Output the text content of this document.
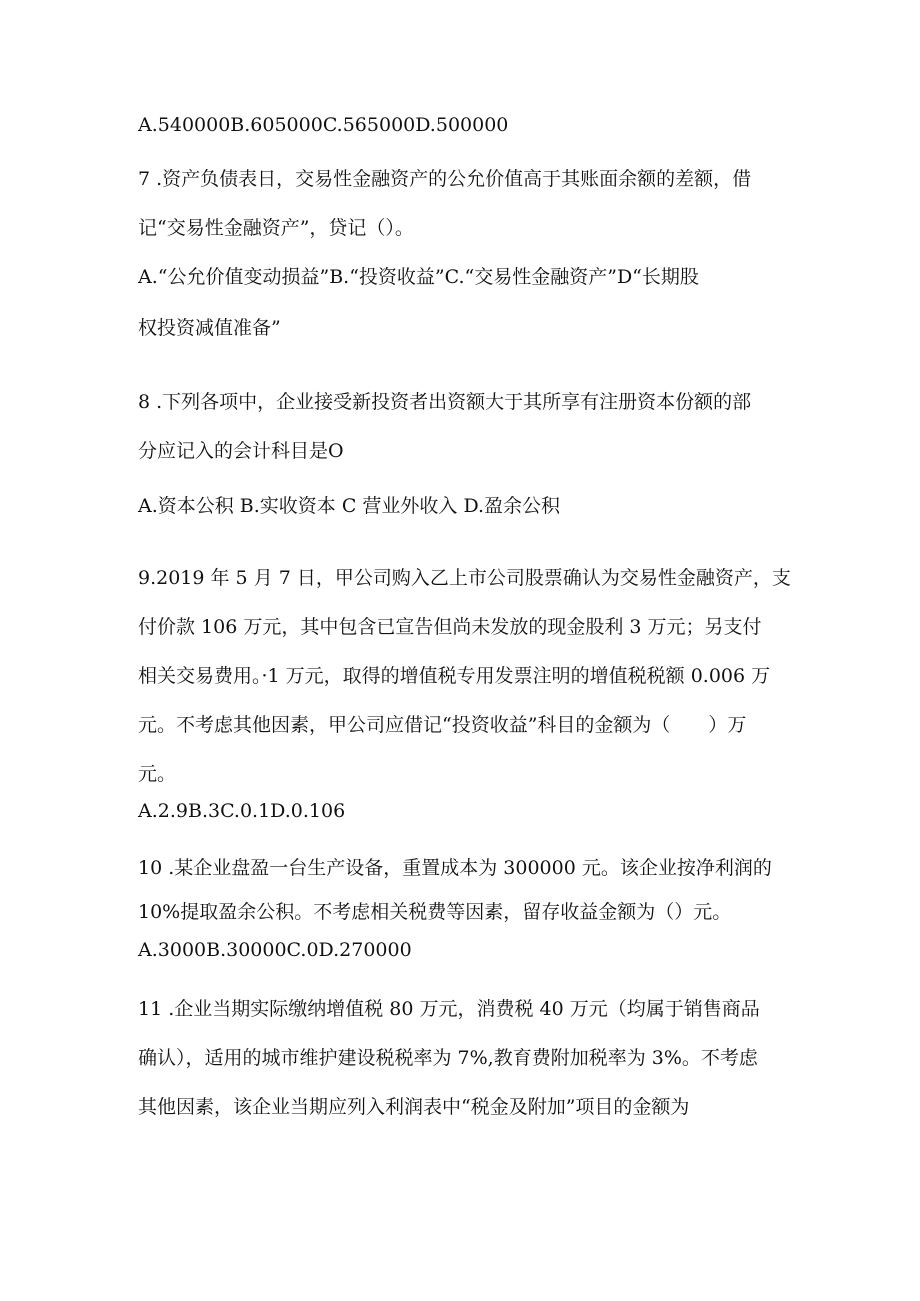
A.540000B.605000C.565000D.500000

7 .资产负债表日，交易性金融资产的公允价值高于其账面余额的差额，借

记“交易性金融资产”，贷记（）。

A.“公允价值变动损益”B.“投资收益”C.“交易性金融资产”D“长期股

权投资减值准备”

8 .下列各项中，企业接受新投资者出资额大于其所享有注册资本份额的部

分应记入的会计科目是O

A.资本公积 B.实收资本 C 营业外收入 D.盈余公积

9.2019 年 5 月 7 日，甲公司购入乙上市公司股票确认为交易性金融资产，支

付价款 106 万元，其中包含已宣告但尚未发放的现金股利 3 万元；另支付

相关交易费用。·1 万元，取得的增值税专用发票注明的增值税税额 0.006 万

元。不考虑其他因素，甲公司应借记“投资收益”科目的金额为（　　）万

元。

A.2.9B.3C.0.1D.0.106

10 .某企业盘盈一台生产设备，重置成本为 300000 元。该企业按净利润的

10%提取盈余公积。不考虑相关税费等因素，留存收益金额为（）元。

A.3000B.30000C.0D.270000

11 .企业当期实际缴纳增值税 80 万元，消费税 40 万元（均属于销售商品

确认），适用的城市维护建设税税率为 7%,教育费附加税率为 3%。不考虑

其他因素，该企业当期应列入利润表中“税金及附加”项目的金额为
